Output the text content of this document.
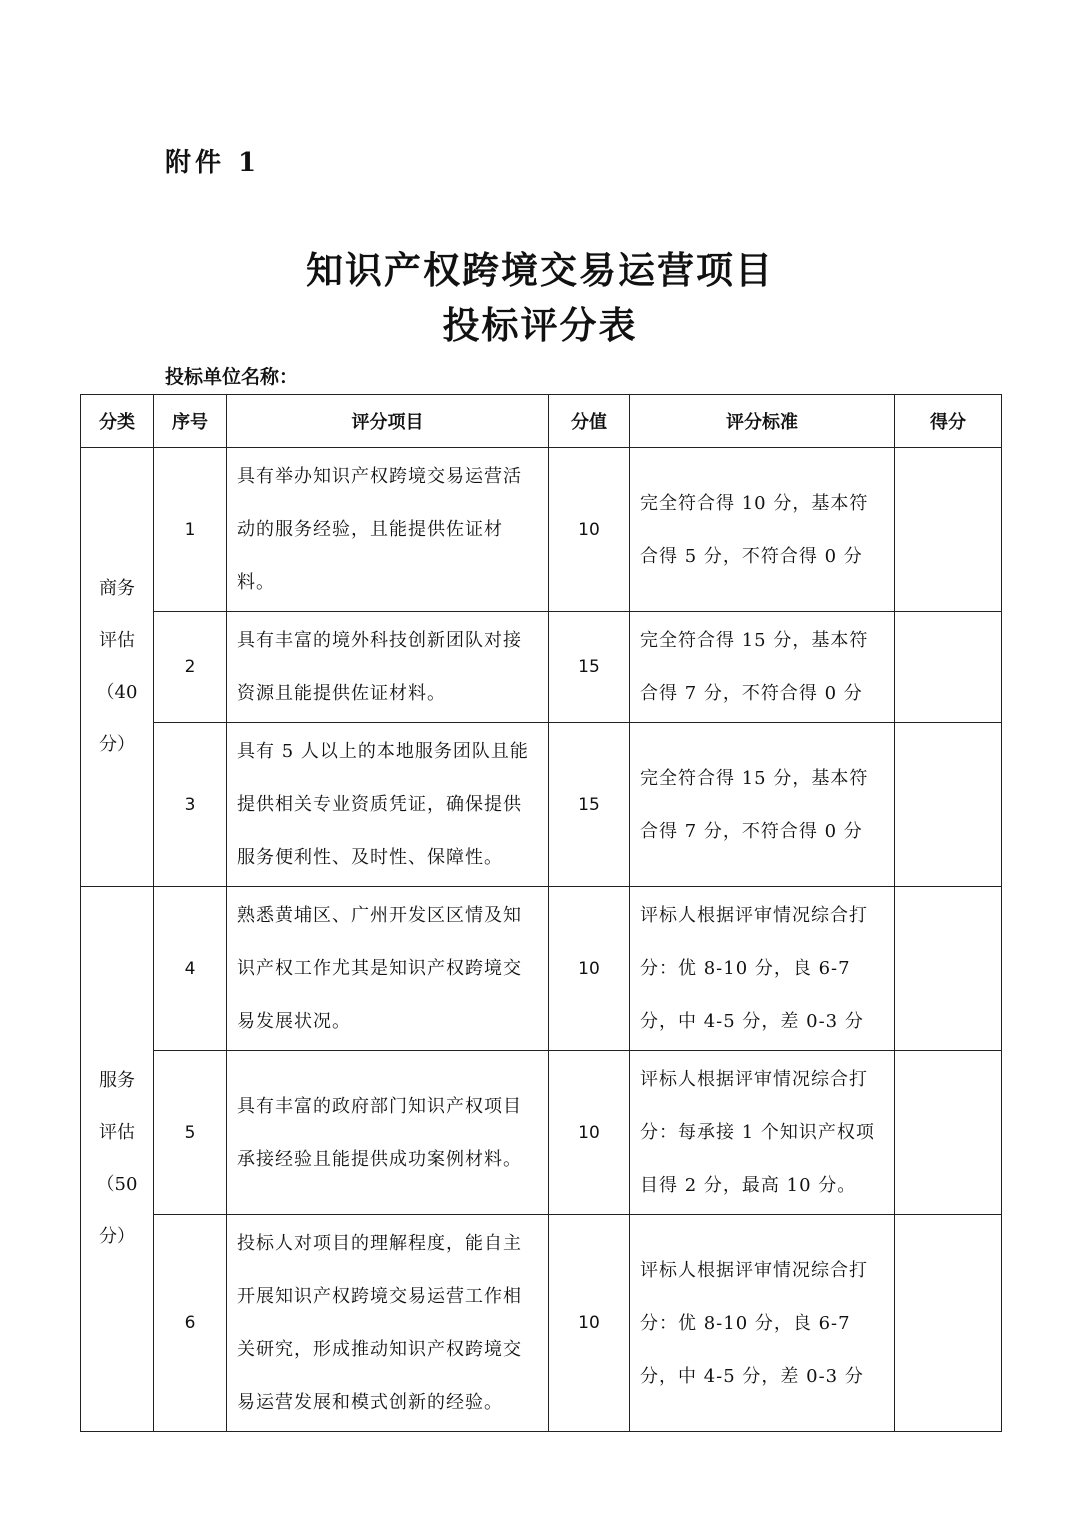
附件 1
知识产权跨境交易运营项目
投标评分表
投标单位名称：
分类	序号	评分项目	分值	评分标准	得分

商务
评估
（40
分）	1	具有举办知识产权跨境交易运营活动的服务经验，且能提供佐证材料。	10	完全符合得 10 分，基本符合得 5 分，不符合得 0 分	
	2	具有丰富的境外科技创新团队对接资源且能提供佐证材料。	15	完全符合得 15 分，基本符合得 7 分，不符合得 0 分	
	3	具有 5 人以上的本地服务团队且能提供相关专业资质凭证，确保提供服务便利性、及时性、保障性。	15	完全符合得 15 分，基本符合得 7 分，不符合得 0 分	

服务
评估
（50
分）	4	熟悉黄埔区、广州开发区区情及知识产权工作尤其是知识产权跨境交易发展状况。	10	评标人根据评审情况综合打分：优 8-10 分，良 6-7 分，中 4-5 分，差 0-3 分	
	5	具有丰富的政府部门知识产权项目承接经验且能提供成功案例材料。	10	评标人根据评审情况综合打分：每承接 1 个知识产权项目得 2 分，最高 10 分。	
	6	投标人对项目的理解程度，能自主开展知识产权跨境交易运营工作相关研究，形成推动知识产权跨境交易运营发展和模式创新的经验。	10	评标人根据评审情况综合打分：优 8-10 分，良 6-7 分，中 4-5 分，差 0-3 分	
